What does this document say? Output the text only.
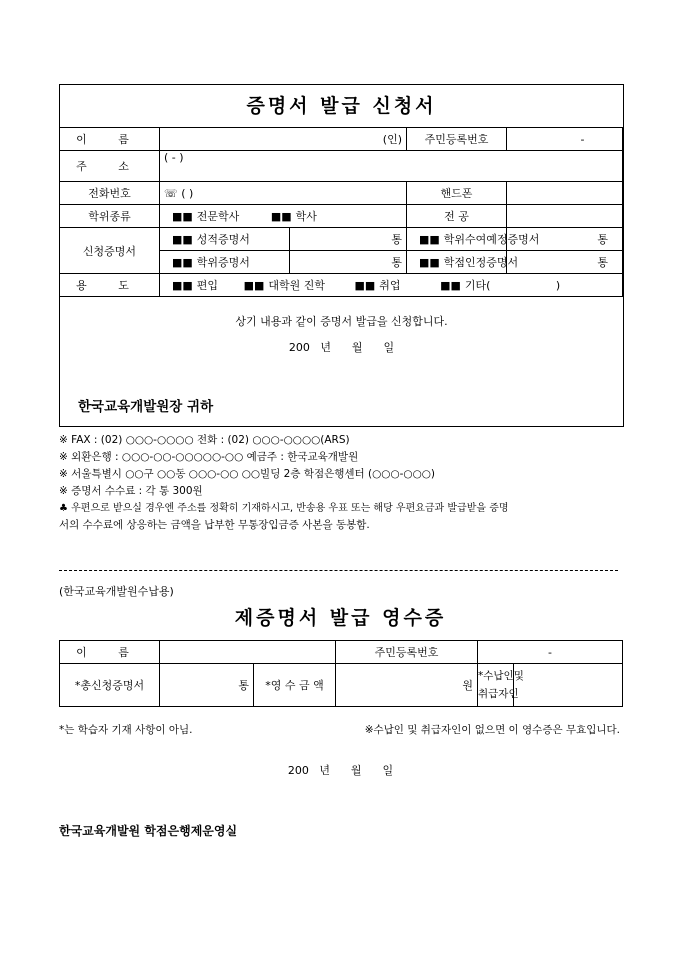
증명서 발급 신청서
이 름	(인)		주민등록번호	-
주 소	( - )			
전화번호	☏ ( )		핸드폰	
학위종류	■■ 전문학사 ■■ 학사		전 공	
신청증명서	■■ 성적증명서	통	■■ 학위수여예정증명서	통
	■■ 학위증명서	통	■■ 학점인정증명서	통
용 도	■■ 편입 ■■ 대학원 진학 ■■ 취업 ■■ 기타( )			
상기 내용과 같이 증명서 발급을 신청합니다.
200   년      월      일
한국교육개발원장 귀하
※ FAX : (02) ○○○-○○○○ 전화 : (02) ○○○-○○○○(ARS)
※ 외환은행 : ○○○-○○-○○○○○-○○ 예금주 : 한국교육개발원
※ 서울특별시 ○○구 ○○동 ○○○-○○ ○○빌딩 2층 학점은행센터 (○○○-○○○)
※ 증명서 수수료 : 각 통 300원
♣ 우편으로 받으실 경우엔 주소를 정확히 기재하시고, 반송용 우표 또는 해당 우편요금과 발급받을 증명
서의 수수료에 상응하는 금액을 납부한 무통장입금증 사본을 동봉함.
(한국교육개발원수납용)
제증명서 발급 영수증
이 름			주민등록번호	-	
*총신청증명서	통	*영 수 금 액	원	*수납인및
취급자인	

*는 학습자 기재 사항이 아님.	※수납인 및 취급자인이 없으면 이 영수증은 무효입니다.
200   년      월      일
한국교육개발원 학점은행제운영실
